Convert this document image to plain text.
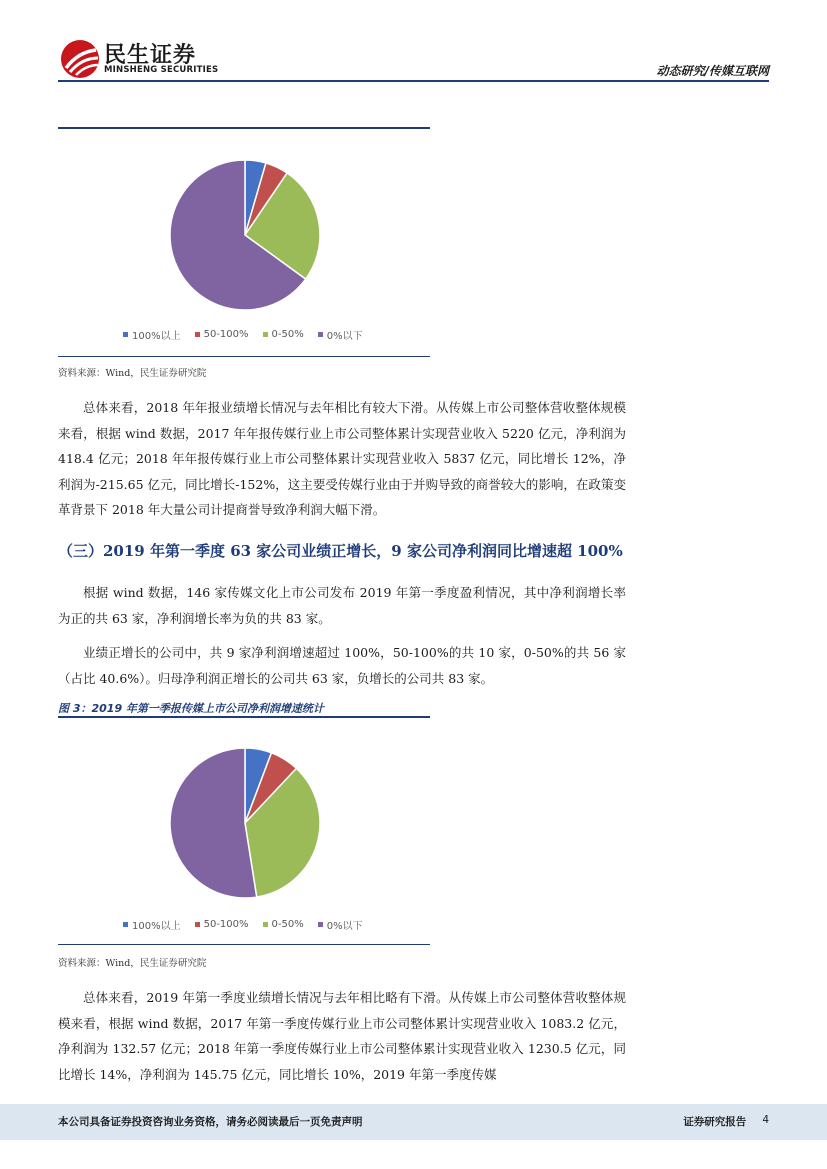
民生证券
MINSHENG SECURITIES	动态研究/传媒互联网
100%以上 50-100% 0-50% 0%以下
资料来源：Wind，民生证券研究院

总体来看，2018 年年报业绩增长情况与去年相比有较大下滑。从传媒上市公司整体营收整体规模来看，根据 wind 数据，2017 年年报传媒行业上市公司整体累计实现营业收入 5220 亿元，净利润为 418.4 亿元；2018 年年报传媒行业上市公司整体累计实现营业收入 5837 亿元，同比增长 12%，净利润为-215.65 亿元，同比增长-152%，这主要受传媒行业由于并购导致的商誉较大的影响，在政策变革背景下 2018 年大量公司计提商誉导致净利润大幅下滑。

（三）2019 年第一季度 63 家公司业绩正增长，9 家公司净利润同比增速超 100%

根据 wind 数据，146 家传媒文化上市公司发布 2019 年第一季度盈利情况，其中净利润增长率为正的共 63 家，净利润增长率为负的共 83 家。

业绩正增长的公司中，共 9 家净利润增速超过 100%，50-100%的共 10 家，0-50%的共 56 家（占比 40.6%）。归母净利润正增长的公司共 63 家，负增长的公司共 83 家。

图 3：2019 年第一季报传媒上市公司净利润增速统计
100%以上 50-100% 0-50% 0%以下
资料来源：Wind，民生证券研究院

总体来看，2019 年第一季度业绩增长情况与去年相比略有下滑。从传媒上市公司整体营收整体规模来看，根据 wind 数据，2017 年第一季度传媒行业上市公司整体累计实现营业收入 1083.2 亿元，净利润为 132.57 亿元；2018 年第一季度传媒行业上市公司整体累计实现营业收入 1230.5 亿元，同比增长 14%，净利润为 145.75 亿元，同比增长 10%，2019 年第一季度传媒

本公司具备证券投资咨询业务资格，请务必阅读最后一页免责声明	证券研究报告 4
